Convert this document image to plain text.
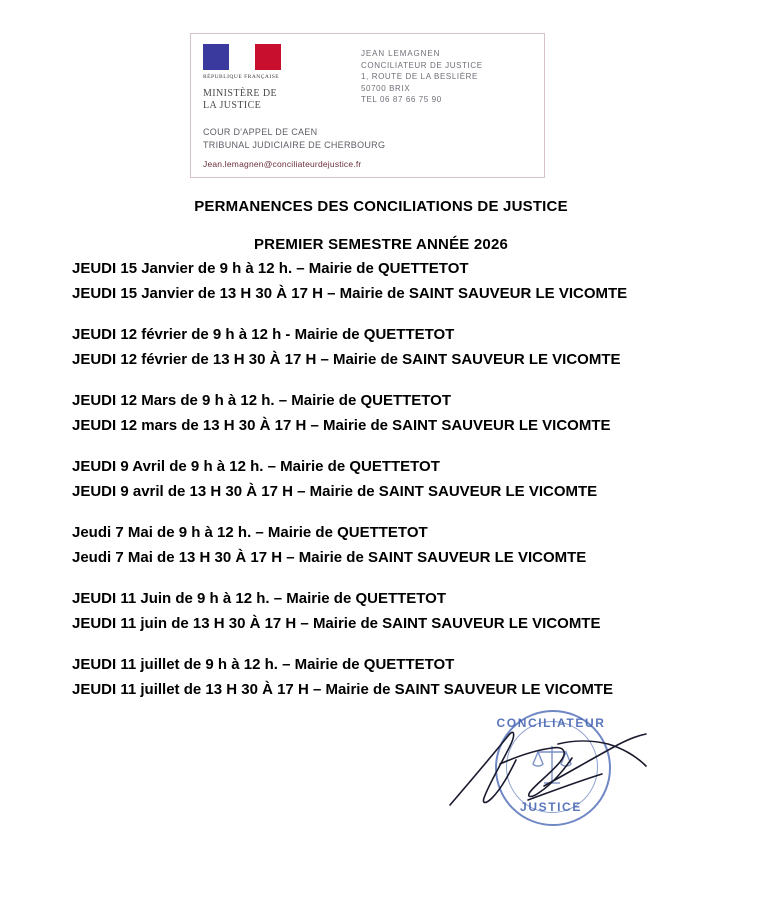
RÉPUBLIQUE FRANÇAISE
MINISTÈRE DE
LA JUSTICE
JEAN LEMAGNEN
CONCILIATEUR DE JUSTICE
1, ROUTE DE LA BESLIÈRE
50700 BRIX
TEL 06 87 66 75 90
COUR D'APPEL DE CAEN
TRIBUNAL JUDICIAIRE DE CHERBOURG
Jean.lemagnen@conciliateurdejustice.fr
PERMANENCES DES CONCILIATIONS DE JUSTICE
PREMIER SEMESTRE ANNÉE 2026
JEUDI 15 Janvier de 9 h à 12 h. – Mairie de QUETTETOT
JEUDI 15 Janvier de 13 H 30 À 17 H – Mairie de SAINT SAUVEUR LE VICOMTE
JEUDI 12 février de 9 h à 12 h - Mairie de QUETTETOT
JEUDI 12 février de 13 H 30 À 17 H – Mairie de SAINT SAUVEUR LE VICOMTE
JEUDI 12 Mars de 9 h à 12 h. – Mairie de QUETTETOT
JEUDI 12 mars de 13 H 30 À 17 H – Mairie de SAINT SAUVEUR LE VICOMTE
JEUDI 9 Avril de 9 h à 12 h. – Mairie de QUETTETOT
JEUDI 9 avril de 13 H 30 À 17 H – Mairie de SAINT SAUVEUR LE VICOMTE
Jeudi 7 Mai de 9 h à 12 h. – Mairie de QUETTETOT
Jeudi 7 Mai de 13 H 30 À 17 H – Mairie de SAINT SAUVEUR LE VICOMTE
JEUDI 11 Juin de 9 h à 12 h. – Mairie de QUETTETOT
JEUDI 11 juin de 13 H 30 À 17 H – Mairie de SAINT SAUVEUR LE VICOMTE
JEUDI 11 juillet de 9 h à 12 h. – Mairie de QUETTETOT
JEUDI 11 juillet de 13 H 30 À 17 H – Mairie de SAINT SAUVEUR LE VICOMTE
CONCILIATEUR
JUSTICE
